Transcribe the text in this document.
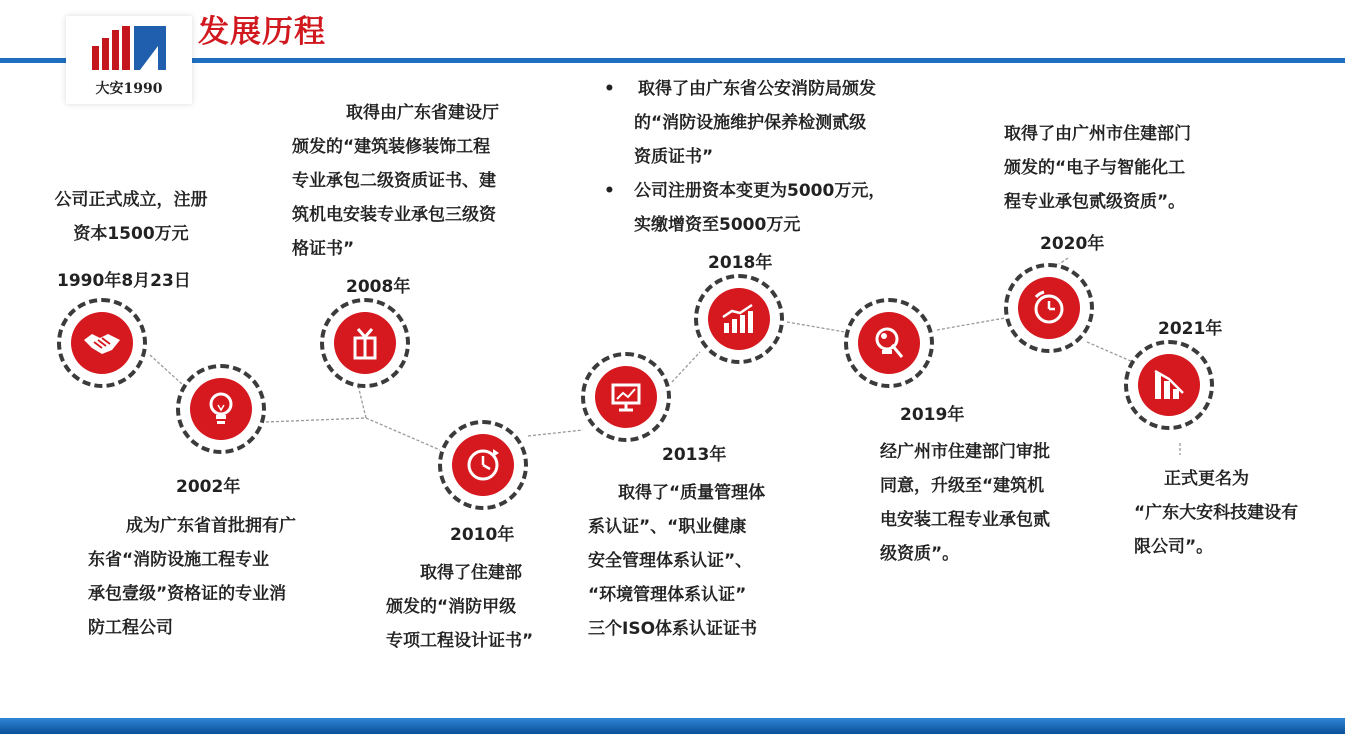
大安1990
发展历程

公司正式成立，注册

资本1500万元

1990年8月23日
2002年

成为广东省首批拥有广

东省“消防设施工程专业

承包壹级”资格证的专业消

防工程公司

取得由广东省建设厅

颁发的“建筑装修装饰工程

专业承包二级资质证书、建

筑机电安装专业承包三级资

格证书”

2008年
2010年

取得了住建部

颁发的“消防甲级

专项工程设计证书”

2013年

取得了“质量管理体

系认证”、“职业健康

安全管理体系认证”、

“环境管理体系认证”

三个ISO体系认证证书

• 取得了由广东省公安消防局颁发

的“消防设施维护保养检测贰级

资质证书”

• 公司注册资本变更为5000万元，

实缴增资至5000万元

2018年
2019年

经广州市住建部门审批

同意，升级至“建筑机

电安装工程专业承包贰

级资质”。

取得了由广州市住建部门

颁发的“电子与智能化工

程专业承包贰级资质”。

2020年
2021年

正式更名为

“广东大安科技建设有

限公司”。
